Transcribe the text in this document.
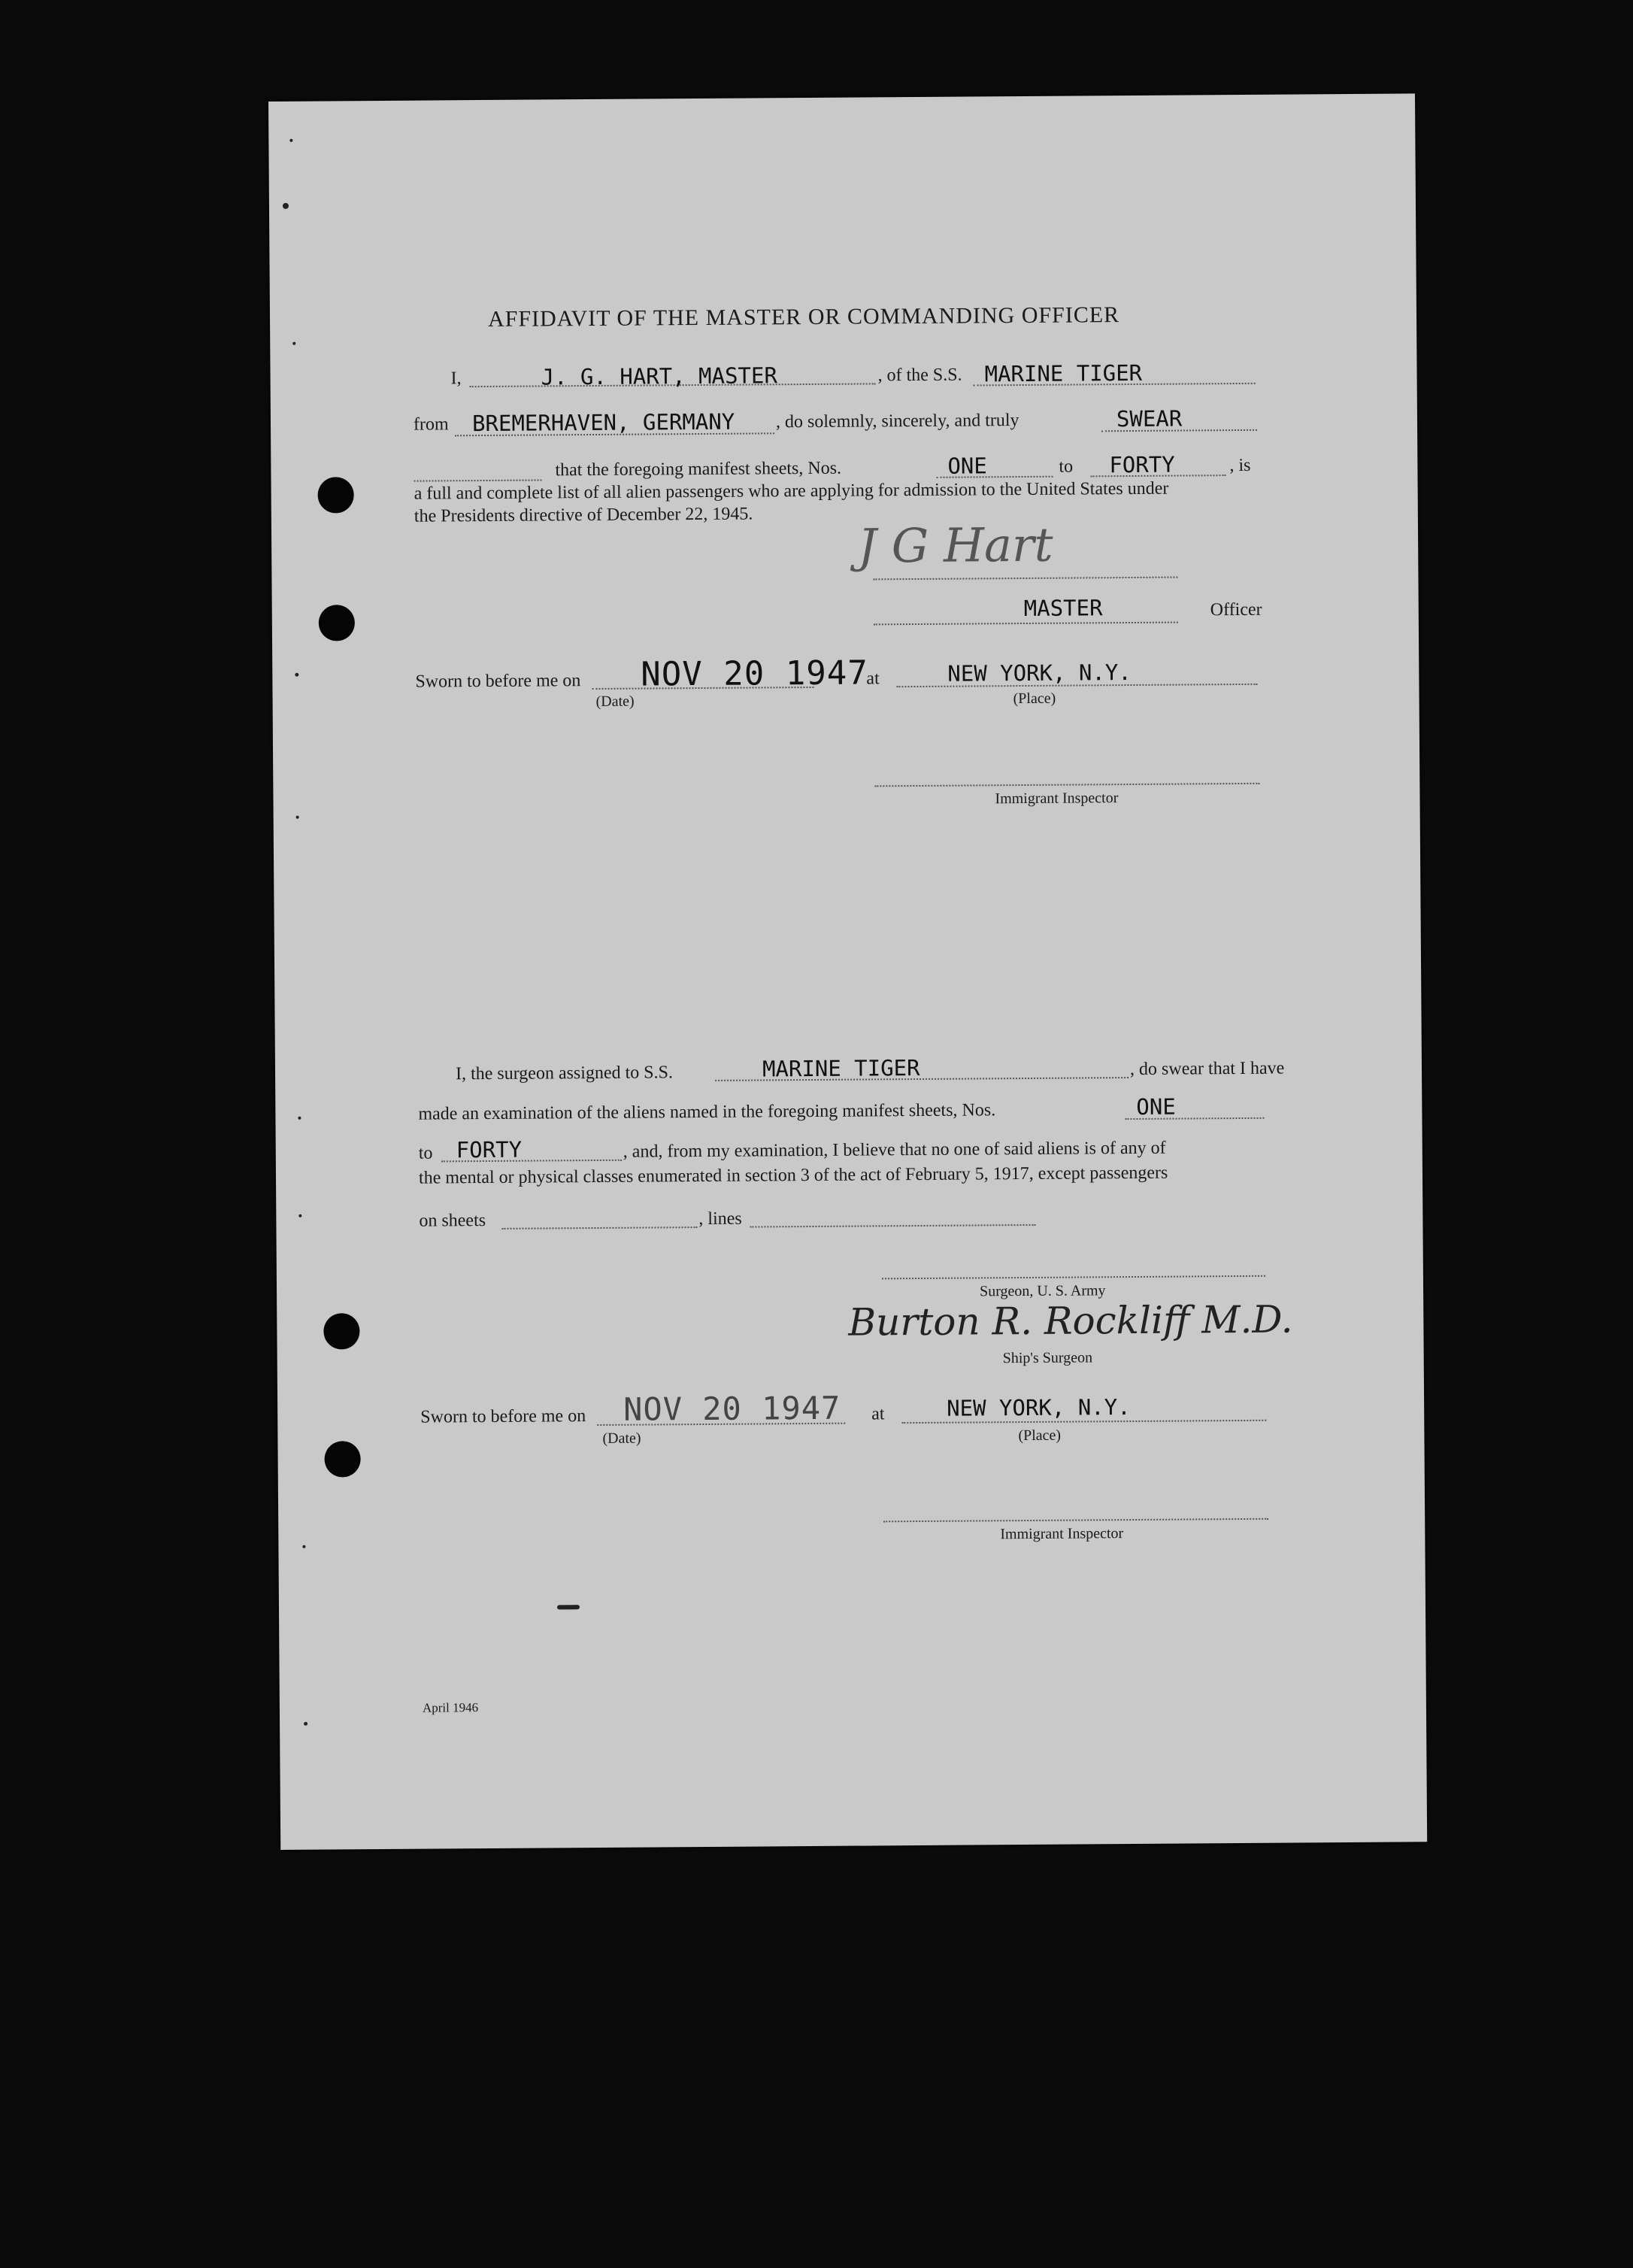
AFFIDAVIT OF THE MASTER OR COMMANDING OFFICER
I,	J. G. HART, MASTER	, of the S.S. MARINE TIGER
from BREMERHAVEN, GERMANY , do solemnly, sincerely, and truly	SWEAR
that the foregoing manifest sheets, Nos.	ONE	to FORTY	, is
a full and complete list of all alien passengers who are applying for admission to the United States under
the Presidents directive of December 22, 1945.
J G Hart
MASTER	Officer
Sworn to before me on NOV 20 1947
(Date)
at	NEW YORK, N.Y.
(Place)
Immigrant Inspector
I, the surgeon assigned to S.S.	MARINE TIGER	, do swear that I have
made an examination of the aliens named in the foregoing manifest sheets, Nos.	ONE
to FORTY	, and, from my examination, I believe that no one of said aliens is of any of
the mental or physical classes enumerated in section 3 of the act of February 5, 1917, except passengers
on sheets	, lines
Surgeon, U. S. Army
Burton R. Rockliff M.D.
Ship's Surgeon
Sworn to before me on NOV 20 1947
(Date)
at	NEW YORK, N.Y.
(Place)
Immigrant Inspector
April 1946
